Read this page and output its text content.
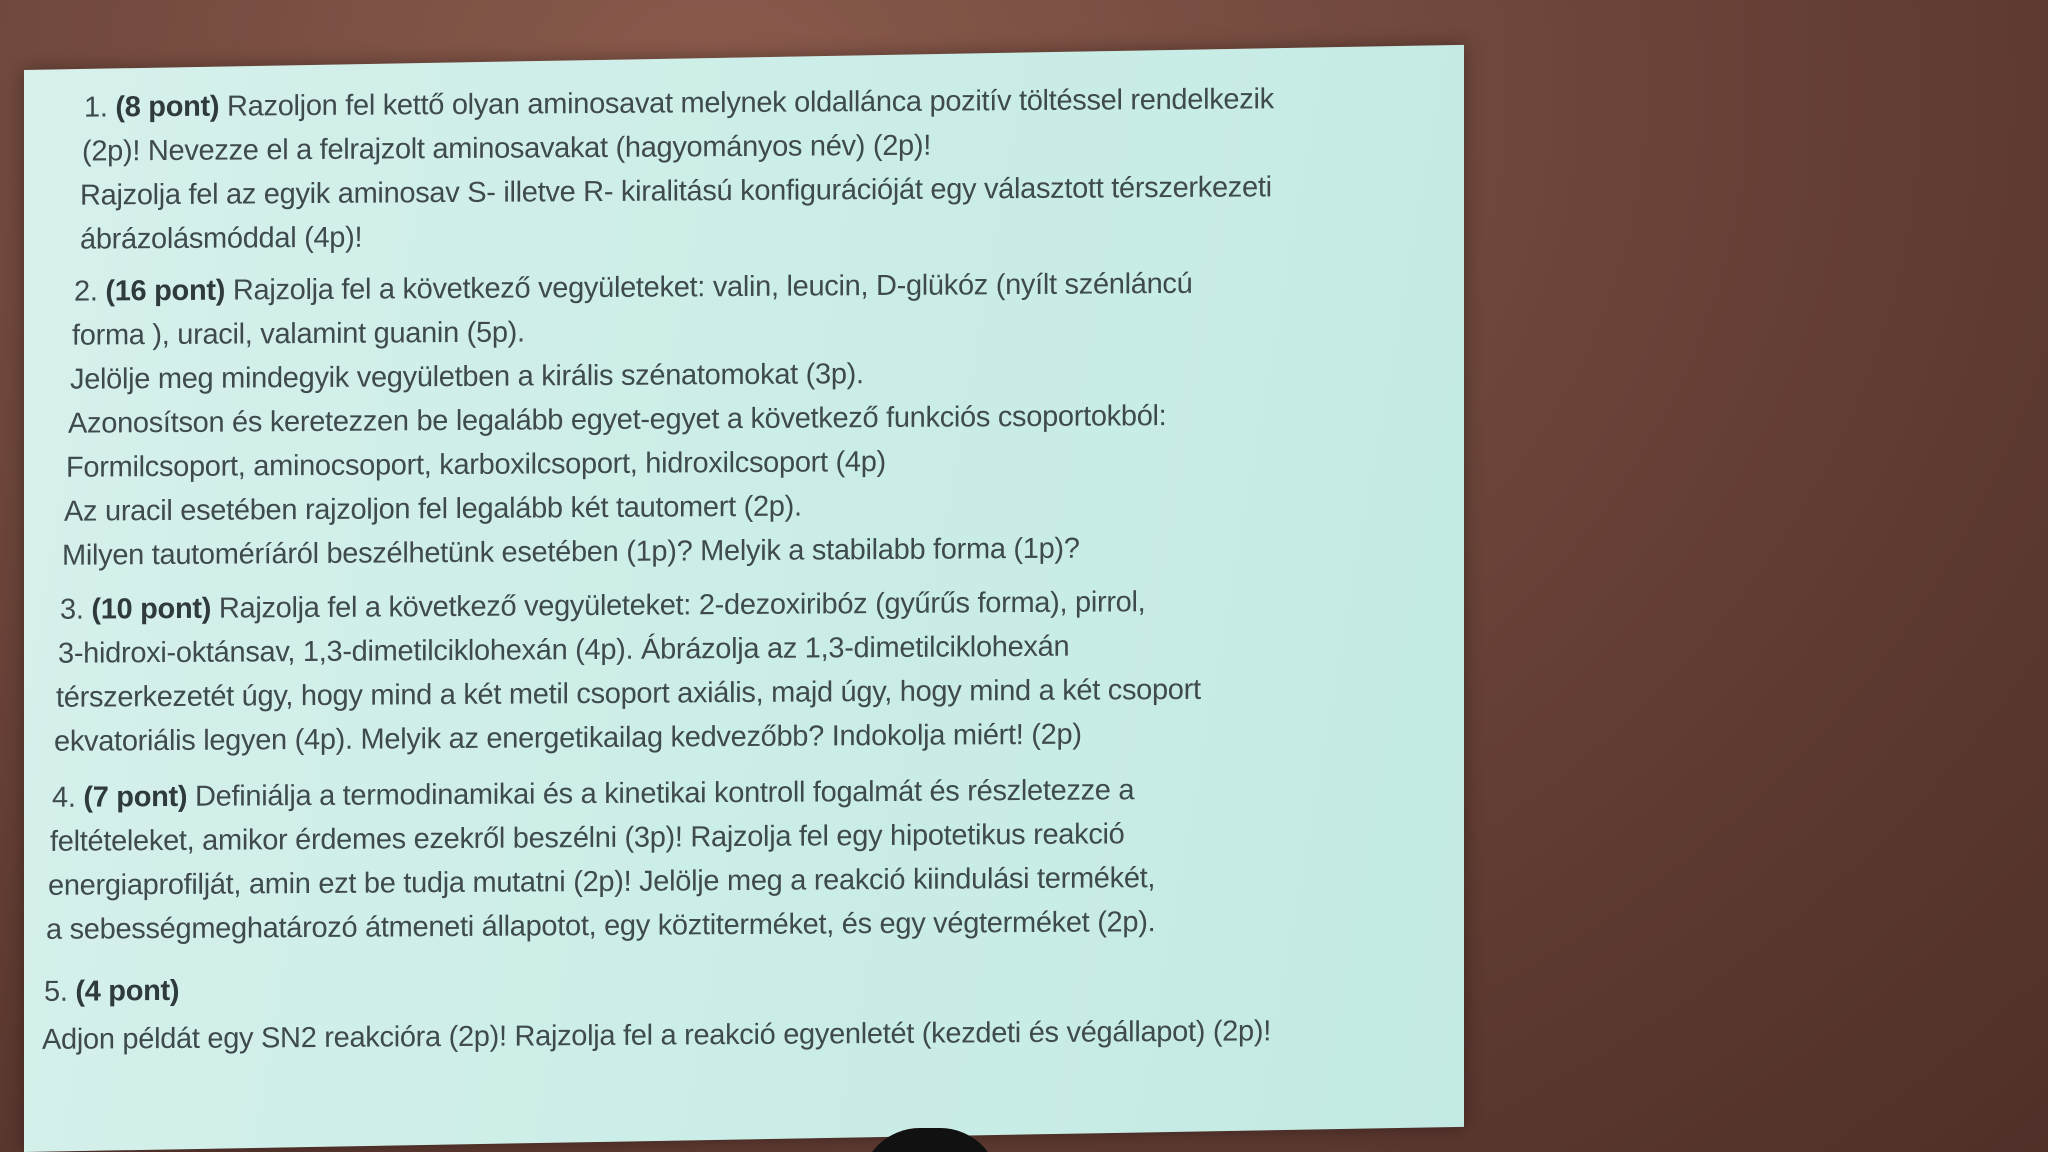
1. (8 pont) Razoljon fel kettő olyan aminosavat melynek oldallánca pozitív töltéssel rendelkezik
(2p)! Nevezze el a felrajzolt aminosavakat (hagyományos név) (2p)!
Rajzolja fel az egyik aminosav S- illetve R- kiralitású konfigurációját egy választott térszerkezeti
ábrázolásmóddal (4p)!
2. (16 pont) Rajzolja fel a következő vegyületeket: valin, leucin, D-glükóz (nyílt szénláncú
forma ), uracil, valamint guanin (5p).
Jelölje meg mindegyik vegyületben a királis szénatomokat (3p).
Azonosítson és keretezzen be legalább egyet-egyet a következő funkciós csoportokból:
Formilcsoport, aminocsoport, karboxilcsoport, hidroxilcsoport (4p)
Az uracil esetében rajzoljon fel legalább két tautomert (2p).
Milyen tautoméríáról beszélhetünk esetében (1p)? Melyik a stabilabb forma (1p)?
3. (10 pont) Rajzolja fel a következő vegyületeket: 2-dezoxiribóz (gyűrűs forma), pirrol,
3-hidroxi-oktánsav, 1,3-dimetilciklohexán (4p). Ábrázolja az 1,3-dimetilciklohexán
térszerkezetét úgy, hogy mind a két metil csoport axiális, majd úgy, hogy mind a két csoport
ekvatoriális legyen (4p). Melyik az energetikailag kedvezőbb? Indokolja miért! (2p)
4. (7 pont) Definiálja a termodinamikai és a kinetikai kontroll fogalmát és részletezze a
feltételeket, amikor érdemes ezekről beszélni (3p)! Rajzolja fel egy hipotetikus reakció
energiaprofilját, amin ezt be tudja mutatni (2p)! Jelölje meg a reakció kiindulási termékét,
a sebességmeghatározó átmeneti állapotot, egy köztiterméket, és egy végterméket (2p).
5. (4 pont)
Adjon példát egy SN2 reakcióra (2p)! Rajzolja fel a reakció egyenletét (kezdeti és végállapot) (2p)!
